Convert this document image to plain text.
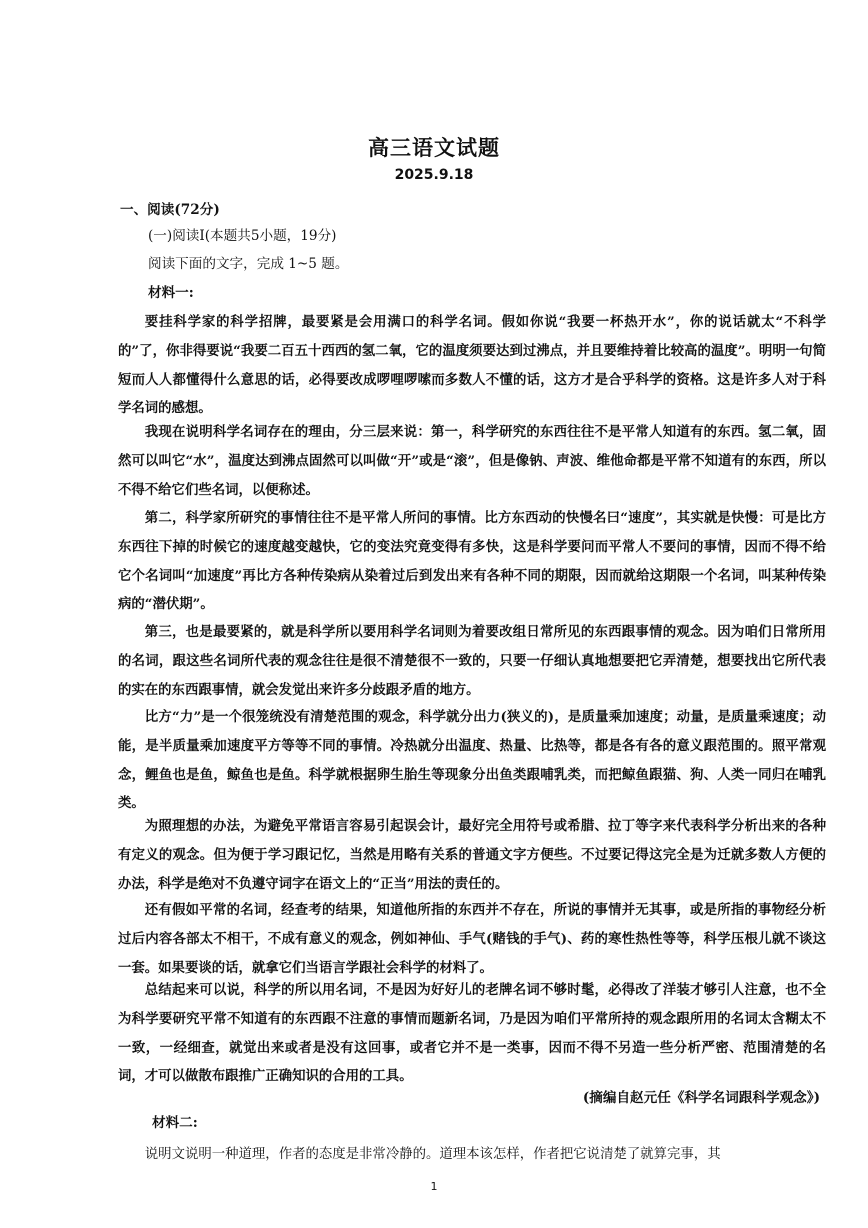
高三语文试题
2025.9.18
一、阅读(72分)
(一)阅读Ⅰ(本题共5小题，19分)
阅读下面的文字，完成 1~5 题。
材料一:

要挂科学家的科学招牌，最要紧是会用满口的科学名词。假如你说“我要一杯热开水”，你的说话就太“不科学的”了，你非得要说“我要二百五十西西的氢二氧，它的温度须要达到过沸点，并且要维持着比较高的温度”。明明一句简短而人人都懂得什么意思的话，必得要改成啰哩啰嗦而多数人不懂的话，这方才是合乎科学的资格。这是许多人对于科学名词的感想。

我现在说明科学名词存在的理由，分三层来说：第一，科学研究的东西往往不是平常人知道有的东西。氢二氧，固然可以叫它“水”，温度达到沸点固然可以叫做“开”或是“滚”，但是像钠、声波、维他命都是平常不知道有的东西，所以不得不给它们些名词，以便称述。

第二，科学家所研究的事情往往不是平常人所问的事情。比方东西动的快慢名曰“速度”，其实就是快慢：可是比方东西往下掉的时候它的速度越变越快，它的变法究竟变得有多快，这是科学要问而平常人不要问的事情，因而不得不给它个名词叫“加速度”再比方各种传染病从染着过后到发出来有各种不同的期限，因而就给这期限一个名词，叫某种传染病的“潜伏期”。

第三，也是最要紧的，就是科学所以要用科学名词则为着要改组日常所见的东西跟事情的观念。因为咱们日常所用的名词，跟这些名词所代表的观念往往是很不清楚很不一致的，只要一仔细认真地想要把它弄清楚，想要找出它所代表的实在的东西跟事情，就会发觉出来许多分歧跟矛盾的地方。

比方“力”是一个很笼统没有清楚范围的观念，科学就分出力(狭义的)，是质量乘加速度；动量，是质量乘速度；动能，是半质量乘加速度平方等等不同的事情。冷热就分出温度、热量、比热等，都是各有各的意义跟范围的。照平常观念，鲤鱼也是鱼，鲸鱼也是鱼。科学就根据卵生胎生等现象分出鱼类跟哺乳类，而把鲸鱼跟猫、狗、人类一同归在哺乳类。

为照理想的办法，为避免平常语言容易引起误会计，最好完全用符号或希腊、拉丁等字来代表科学分析出来的各种有定义的观念。但为便于学习跟记忆，当然是用略有关系的普通文字方便些。不过要记得这完全是为迁就多数人方便的办法，科学是绝对不负遵守词字在语文上的“正当”用法的责任的。

还有假如平常的名词，经查考的结果，知道他所指的东西并不存在，所说的事情并无其事，或是所指的事物经分析过后内容各部太不相干，不成有意义的观念，例如神仙、手气(赌钱的手气)、药的寒性热性等等，科学压根儿就不谈这一套。如果要谈的话，就拿它们当语言学跟社会科学的材料了。

总结起来可以说，科学的所以用名词，不是因为好好儿的老牌名词不够时髦，必得改了洋装才够引人注意，也不全为科学要研究平常不知道有的东西跟不注意的事情而题新名词，乃是因为咱们平常所持的观念跟所用的名词太含糊太不一致，一经细查，就觉出来或者是没有这回事，或者它并不是一类事，因而不得不另造一些分析严密、范围清楚的名词，才可以做散布跟推广正确知识的合用的工具。

(摘编自赵元任《科学名词跟科学观念》)
材料二:

说明文说明一种道理，作者的态度是非常冷静的。道理本该怎样，作者把它说清楚了就算完事，其

1
